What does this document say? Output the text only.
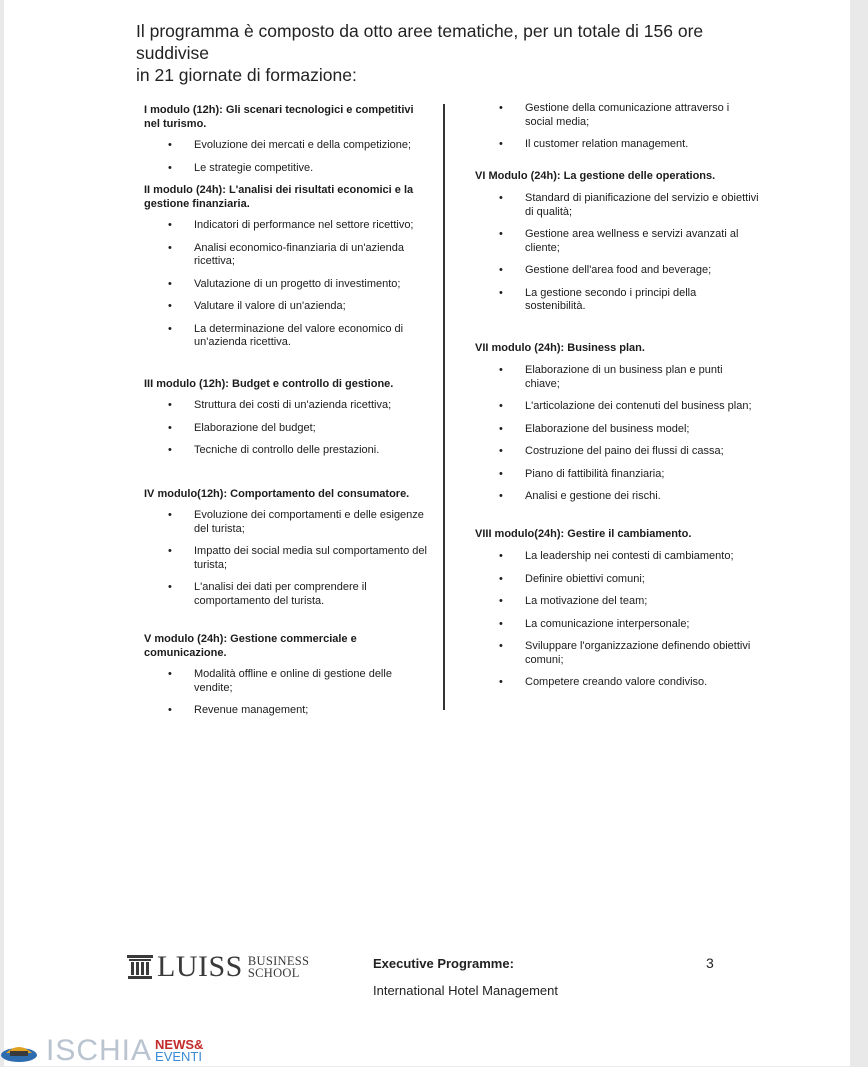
Il programma è composto da otto aree tematiche, per un totale di 156 ore suddivise
in 21 giornate di formazione:
I modulo (12h): Gli scenari tecnologici e competitivi
nel turismo.
• Evoluzione dei mercati e della competizione;
• Le strategie competitive.
II modulo (24h): L'analisi dei risultati economici e la
gestione finanziaria.
• Indicatori di performance nel settore ricettivo;
• Analisi economico-finanziaria di un'azienda
ricettiva;
• Valutazione di un progetto di investimento;
• Valutare il valore di un'azienda;
• La determinazione del valore economico di
un'azienda ricettiva.
III modulo (12h): Budget e controllo di gestione.
• Struttura dei costi di un'azienda ricettiva;
• Elaborazione del budget;
• Tecniche di controllo delle prestazioni.
IV modulo(12h): Comportamento del consumatore.
• Evoluzione dei comportamenti e delle esigenze
del turista;
• Impatto dei social media sul comportamento del
turista;
• L'analisi dei dati per comprendere il
comportamento del turista.
V modulo (24h): Gestione commerciale e
comunicazione.
• Modalità offline e online di gestione delle
vendite;
• Revenue management;
• Gestione della comunicazione attraverso i
social media;
• Il customer relation management.
VI Modulo (24h): La gestione delle operations.
• Standard di pianificazione del servizio e obiettivi
di qualità;
• Gestione area wellness e servizi avanzati al
cliente;
• Gestione dell'area food and beverage;
• La gestione secondo i principi della
sostenibilità.
VII modulo (24h): Business plan.
• Elaborazione di un business plan e punti
chiave;
• L'articolazione dei contenuti del business plan;
• Elaborazione del business model;
• Costruzione del paino dei flussi di cassa;
• Piano di fattibilità finanziaria;
• Analisi e gestione dei rischi.
VIII modulo(24h): Gestire il cambiamento.
• La leadership nei contesti di cambiamento;
• Definire obiettivi comuni;
• La motivazione del team;
• La comunicazione interpersonale;
• Sviluppare l'organizzazione definendo obiettivi
comuni;
• Competere creando valore condiviso.
LUISS BUSINESS
SCHOOL
Executive Programme:
International Hotel Management
3
ISCHIA NEWS&
EVENTI
